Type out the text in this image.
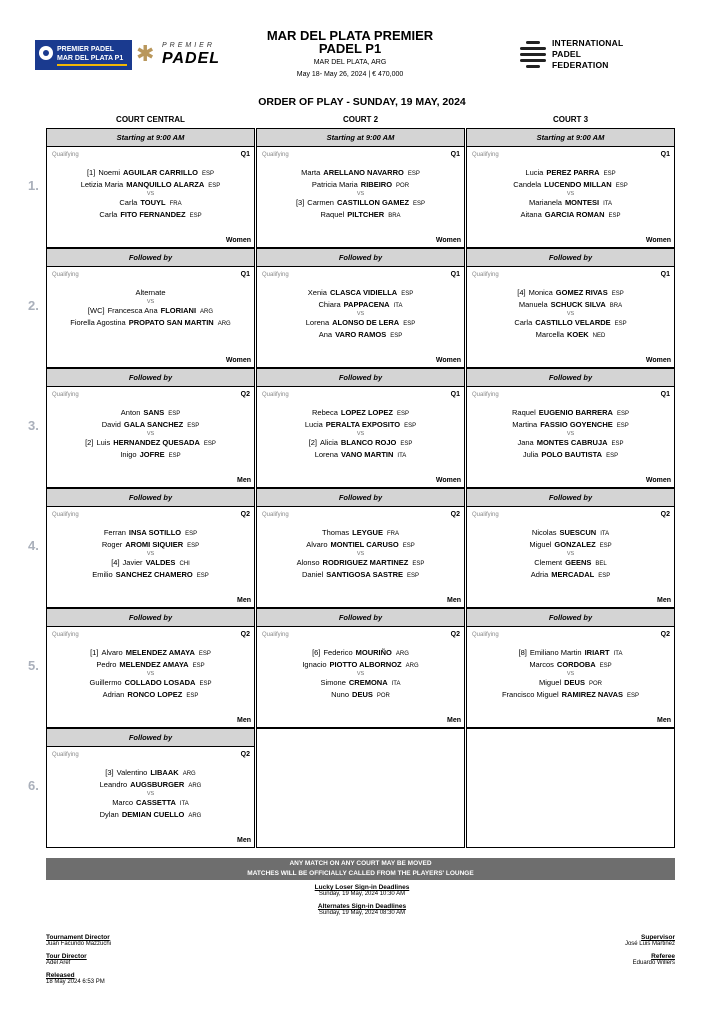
PREMIER PADEL
MAR DEL PLATA P1 ✱ PREMIER
PADEL
MAR DEL PLATA PREMIER
PADEL P1
MAR DEL PLATA, ARG
May 18- May 26, 2024 | € 470,000
INTERNATIONAL
PADEL
FEDERATION
ORDER OF PLAY - SUNDAY, 19 MAY, 2024
COURT CENTRAL	COURT 2	COURT 3
1.
2.
3.
4.
5.
6.
Starting at 9:00 AM
Qualifying	Q1
Women
[1] Noemi AGUILAR CARRILLO ESP
Letizia Maria MANQUILLO ALARZA ESP
VS
Carla TOUYL FRA
Carla FITO FERNANDEZ ESP
Starting at 9:00 AM
Qualifying	Q1
Women
Marta ARELLANO NAVARRO ESP
Patricia Maria RIBEIRO POR
VS
[3] Carmen CASTILLON GAMEZ ESP
Raquel PILTCHER BRA
Starting at 9:00 AM
Qualifying	Q1
Women
Lucia PEREZ PARRA ESP
Candela LUCENDO MILLAN ESP
VS
Marianela MONTESI ITA
Aitana GARCIA ROMAN ESP
Followed by
Qualifying	Q1
Women
Alternate
VS
[WC] Francesca Ana FLORIANI ARG
Fiorella Agostina PROPATO SAN MARTIN ARG
Followed by
Qualifying	Q1
Women
Xenia CLASCA VIDIELLA ESP
Chiara PAPPACENA ITA
VS
Lorena ALONSO DE LERA ESP
Ana VARO RAMOS ESP
Followed by
Qualifying	Q1
Women
[4] Monica GOMEZ RIVAS ESP
Manuela SCHUCK SILVA BRA
VS
Carla CASTILLO VELARDE ESP
Marcella KOEK NED
Followed by
Qualifying	Q2
Men
Anton SANS ESP
David GALA SANCHEZ ESP
VS
[2] Luis HERNANDEZ QUESADA ESP
Inigo JOFRE ESP
Followed by
Qualifying	Q1
Women
Rebeca LOPEZ LOPEZ ESP
Lucia PERALTA EXPOSITO ESP
VS
[2] Alicia BLANCO ROJO ESP
Lorena VANO MARTIN ITA
Followed by
Qualifying	Q1
Women
Raquel EUGENIO BARRERA ESP
Martina FASSIO GOYENCHE ESP
VS
Jana MONTES CABRUJA ESP
Julia POLO BAUTISTA ESP
Followed by
Qualifying	Q2
Men
Ferran INSA SOTILLO ESP
Roger AROMI SIQUIER ESP
VS
[4] Javier VALDES CHI
Emilio SANCHEZ CHAMERO ESP
Followed by
Qualifying	Q2
Men
Thomas LEYGUE FRA
Alvaro MONTIEL CARUSO ESP
VS
Alonso RODRIGUEZ MARTINEZ ESP
Daniel SANTIGOSA SASTRE ESP
Followed by
Qualifying	Q2
Men
Nicolas SUESCUN ITA
Miguel GONZALEZ ESP
VS
Clement GEENS BEL
Adria MERCADAL ESP
Followed by
Qualifying	Q2
Men
[1] Alvaro MELENDEZ AMAYA ESP
Pedro MELENDEZ AMAYA ESP
VS
Guillermo COLLADO LOSADA ESP
Adrian RONCO LOPEZ ESP
Followed by
Qualifying	Q2
Men
[6] Federico MOURIÑO ARG
Ignacio PIOTTO ALBORNOZ ARG
VS
Simone CREMONA ITA
Nuno DEUS POR
Followed by
Qualifying	Q2
Men
[8] Emiliano Martin IRIART ITA
Marcos CORDOBA ESP
VS
Miguel DEUS POR
Francisco Miguel RAMIREZ NAVAS ESP
Followed by
Qualifying	Q2
Men
[3] Valentino LIBAAK ARG
Leandro AUGSBURGER ARG
VS
Marco CASSETTA ITA
Dylan DEMIAN CUELLO ARG
ANY MATCH ON ANY COURT MAY BE MOVED
MATCHES WILL BE OFFICIALLY CALLED FROM THE PLAYERS' LOUNGE
Lucky Loser Sign-in Deadlines
Sunday, 19 May, 2024 10:30 AM
Alternates Sign-in Deadlines
Sunday, 19 May, 2024 08:30 AM
Tournament Director
Juan Facundo Mazzuchi
Tour Director
Adel Aref
Released
18 May 2024 6:53 PM
Supervisor
José Luis Martinez
Referee
Eduardo Willers
